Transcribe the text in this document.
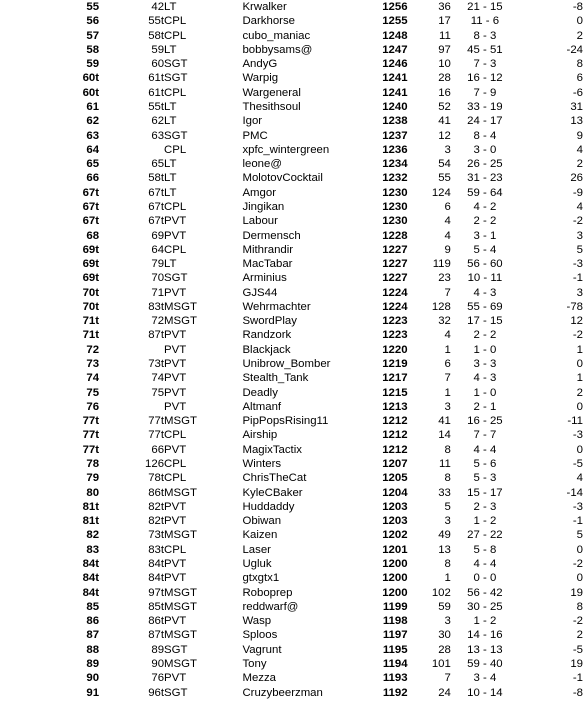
55	42	LT	Krwalker	1256	36	21 - 15	-8
56	55t	CPL	Darkhorse	1255	17	11 - 6	0
57	58t	CPL	cubo_maniac	1248	11	8 - 3	2
58	59	LT	bobbysams@	1247	97	45 - 51	-24
59	60	SGT	AndyG	1246	10	7 - 3	8
60t	61t	SGT	Warpig	1241	28	16 - 12	6
60t	61t	CPL	Wargeneral	1241	16	7 - 9	-6
61	55t	LT	Thesithsoul	1240	52	33 - 19	31
62	62	LT	Igor	1238	41	24 - 17	13
63	63	SGT	PMC	1237	12	8 - 4	9
64		CPL	xpfc_wintergreen	1236	3	3 - 0	4
65	65	LT	leone@	1234	54	26 - 25	2
66	58t	LT	MolotovCocktail	1232	55	31 - 23	26
67t	67t	LT	Amgor	1230	124	59 - 64	-9
67t	67t	CPL	Jingikan	1230	6	4 - 2	4
67t	67t	PVT	Labour	1230	4	2 - 2	-2
68	69	PVT	Dermensch	1228	4	3 - 1	3
69t	64	CPL	Mithrandir	1227	9	5 - 4	5
69t	79	LT	MacTabar	1227	119	56 - 60	-3
69t	70	SGT	Arminius	1227	23	10 - 11	-1
70t	71	PVT	GJS44	1224	7	4 - 3	3
70t	83t	MSGT	Wehrmachter	1224	128	55 - 69	-78
71t	72	MSGT	SwordPlay	1223	32	17 - 15	12
71t	87t	PVT	Randzork	1223	4	2 - 2	-2
72		PVT	Blackjack	1220	1	1 - 0	1
73	73t	PVT	Unibrow_Bomber	1219	6	3 - 3	0
74	74	PVT	Stealth_Tank	1217	7	4 - 3	1
75	75	PVT	Deadly	1215	1	1 - 0	2
76		PVT	Altmanf	1213	3	2 - 1	0
77t	77t	MSGT	PipPopsRising11	1212	41	16 - 25	-11
77t	77t	CPL	Airship	1212	14	7 - 7	-3
77t	66	PVT	MagixTactix	1212	8	4 - 4	0
78	126	CPL	Winters	1207	11	5 - 6	-5
79	78t	CPL	ChrisTheCat	1205	8	5 - 3	4
80	86t	MSGT	KyleCBaker	1204	33	15 - 17	-14
81t	82t	PVT	Huddaddy	1203	5	2 - 3	-3
81t	82t	PVT	Obiwan	1203	3	1 - 2	-1
82	73t	MSGT	Kaizen	1202	49	27 - 22	5
83	83t	CPL	Laser	1201	13	5 - 8	0
84t	84t	PVT	Ugluk	1200	8	4 - 4	-2
84t	84t	PVT	gtxgtx1	1200	1	0 - 0	0
84t	97t	MSGT	Roboprep	1200	102	56 - 42	19
85	85t	MSGT	reddwarf@	1199	59	30 - 25	8
86	86t	PVT	Wasp	1198	3	1 - 2	-2
87	87t	MSGT	Sploos	1197	30	14 - 16	2
88	89	SGT	Vagrunt	1195	28	13 - 13	-5
89	90	MSGT	Tony	1194	101	59 - 40	19
90	76	PVT	Mezza	1193	7	3 - 4	-1
91	96t	SGT	Cruzybeerzman	1192	24	10 - 14	-8
